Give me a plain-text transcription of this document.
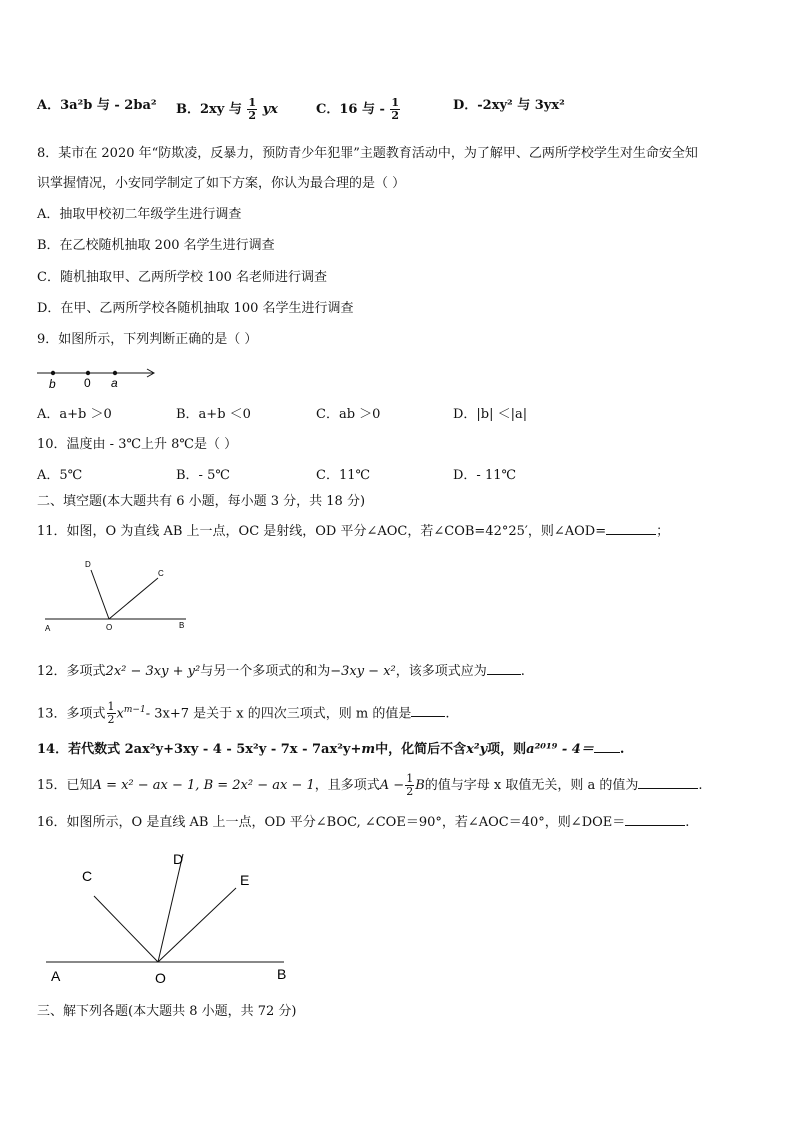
A．3a²b 与 - 2ba² B．2xy 与 $\frac{1}{2}$ yx	C．16 与 - $\frac{1}{2}$	D．-2xy² 与 3yx²
8．某市在 2020 年“防欺凌，反暴力，预防青少年犯罪”主题教育活动中，为了解甲、乙两所学校学生对生命安全知
识掌握情况，小安同学制定了如下方案，你认为最合理的是（ ）
A．抽取甲校初二年级学生进行调查
B．在乙校随机抽取 200 名学生进行调查
C．随机抽取甲、乙两所学校 100 名老师进行调查
D．在甲、乙两所学校各随机抽取 100 名学生进行调查
9．如图所示，下列判断正确的是（ ）
b 0 a
A．a+b ＞0	B．a+b ＜0	C．ab ＞0	D．|b| ＜|a|
10．温度由 - 3℃上升 8℃是（ ）
A．5℃	B．- 5℃	C．11℃	D．- 11℃
二、填空题(本大题共有 6 小题，每小题 3 分，共 18 分)
11．如图，O 为直线 AB 上一点，OC 是射线，OD 平分∠AOC，若∠COB=42°25′，则∠AOD=	；
D
C
A	O	B
12．多项式2x² − 3xy + y²与另一个多项式的和为−3xy − x²，该多项式应为	.
13．多项式 $\frac{1}{2} x^{m-1}-$ 3x+7 是关于 x 的四次三项式，则 m 的值是	.
14．若代数式 2ax²y+3xy - 4 - 5x²y - 7x - 7ax²y+m中，化简后不含x²y项，则a²⁰¹⁹ - 4＝ .
15．已知A = x² − ax − 1, B = 2x² − ax − 1，且多项式$A - \frac{1}{2}$ B的值与字母 x 取值无关，则 a 的值为	.
16．如图所示，O 是直线 AB 上一点，OD 平分∠BOC, ∠COE＝90°，若∠AOC＝40°，则∠DOE＝	.
C
D
E
A	O	B
三、解下列各题(本大题共 8 小题，共 72 分)
